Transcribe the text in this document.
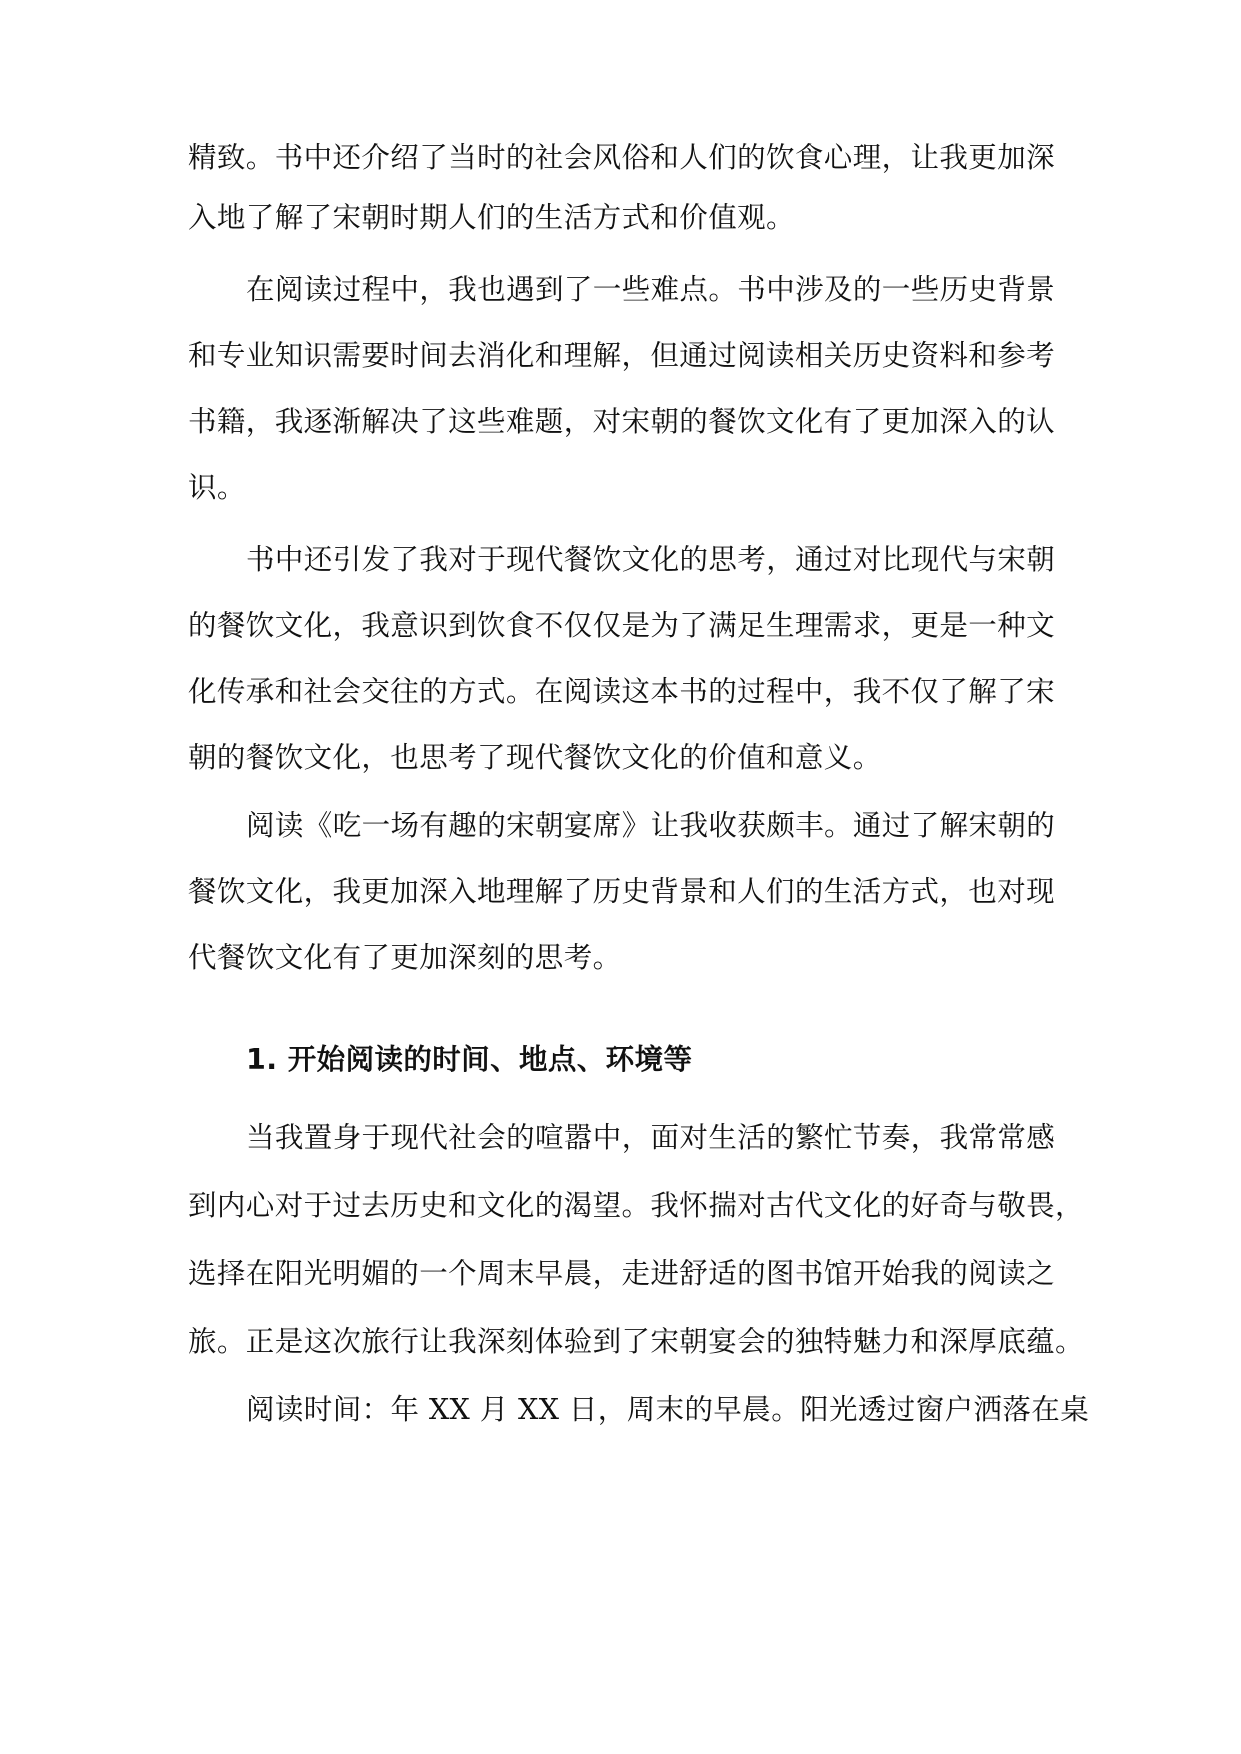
精致。书中还介绍了当时的社会风俗和人们的饮食心理，让我更加深
入地了解了宋朝时期人们的生活方式和价值观。
在阅读过程中，我也遇到了一些难点。书中涉及的一些历史背景
和专业知识需要时间去消化和理解，但通过阅读相关历史资料和参考
书籍，我逐渐解决了这些难题，对宋朝的餐饮文化有了更加深入的认
识。
书中还引发了我对于现代餐饮文化的思考，通过对比现代与宋朝
的餐饮文化，我意识到饮食不仅仅是为了满足生理需求，更是一种文
化传承和社会交往的方式。在阅读这本书的过程中，我不仅了解了宋
朝的餐饮文化，也思考了现代餐饮文化的价值和意义。
阅读《吃一场有趣的宋朝宴席》让我收获颇丰。通过了解宋朝的
餐饮文化，我更加深入地理解了历史背景和人们的生活方式，也对现
代餐饮文化有了更加深刻的思考。
1. 开始阅读的时间、地点、环境等
当我置身于现代社会的喧嚣中，面对生活的繁忙节奏，我常常感
到内心对于过去历史和文化的渴望。我怀揣对古代文化的好奇与敬畏，
选择在阳光明媚的一个周末早晨，走进舒适的图书馆开始我的阅读之
旅。正是这次旅行让我深刻体验到了宋朝宴会的独特魅力和深厚底蕴。
阅读时间：年 XX 月 XX 日，周末的早晨。阳光透过窗户洒落在桌
